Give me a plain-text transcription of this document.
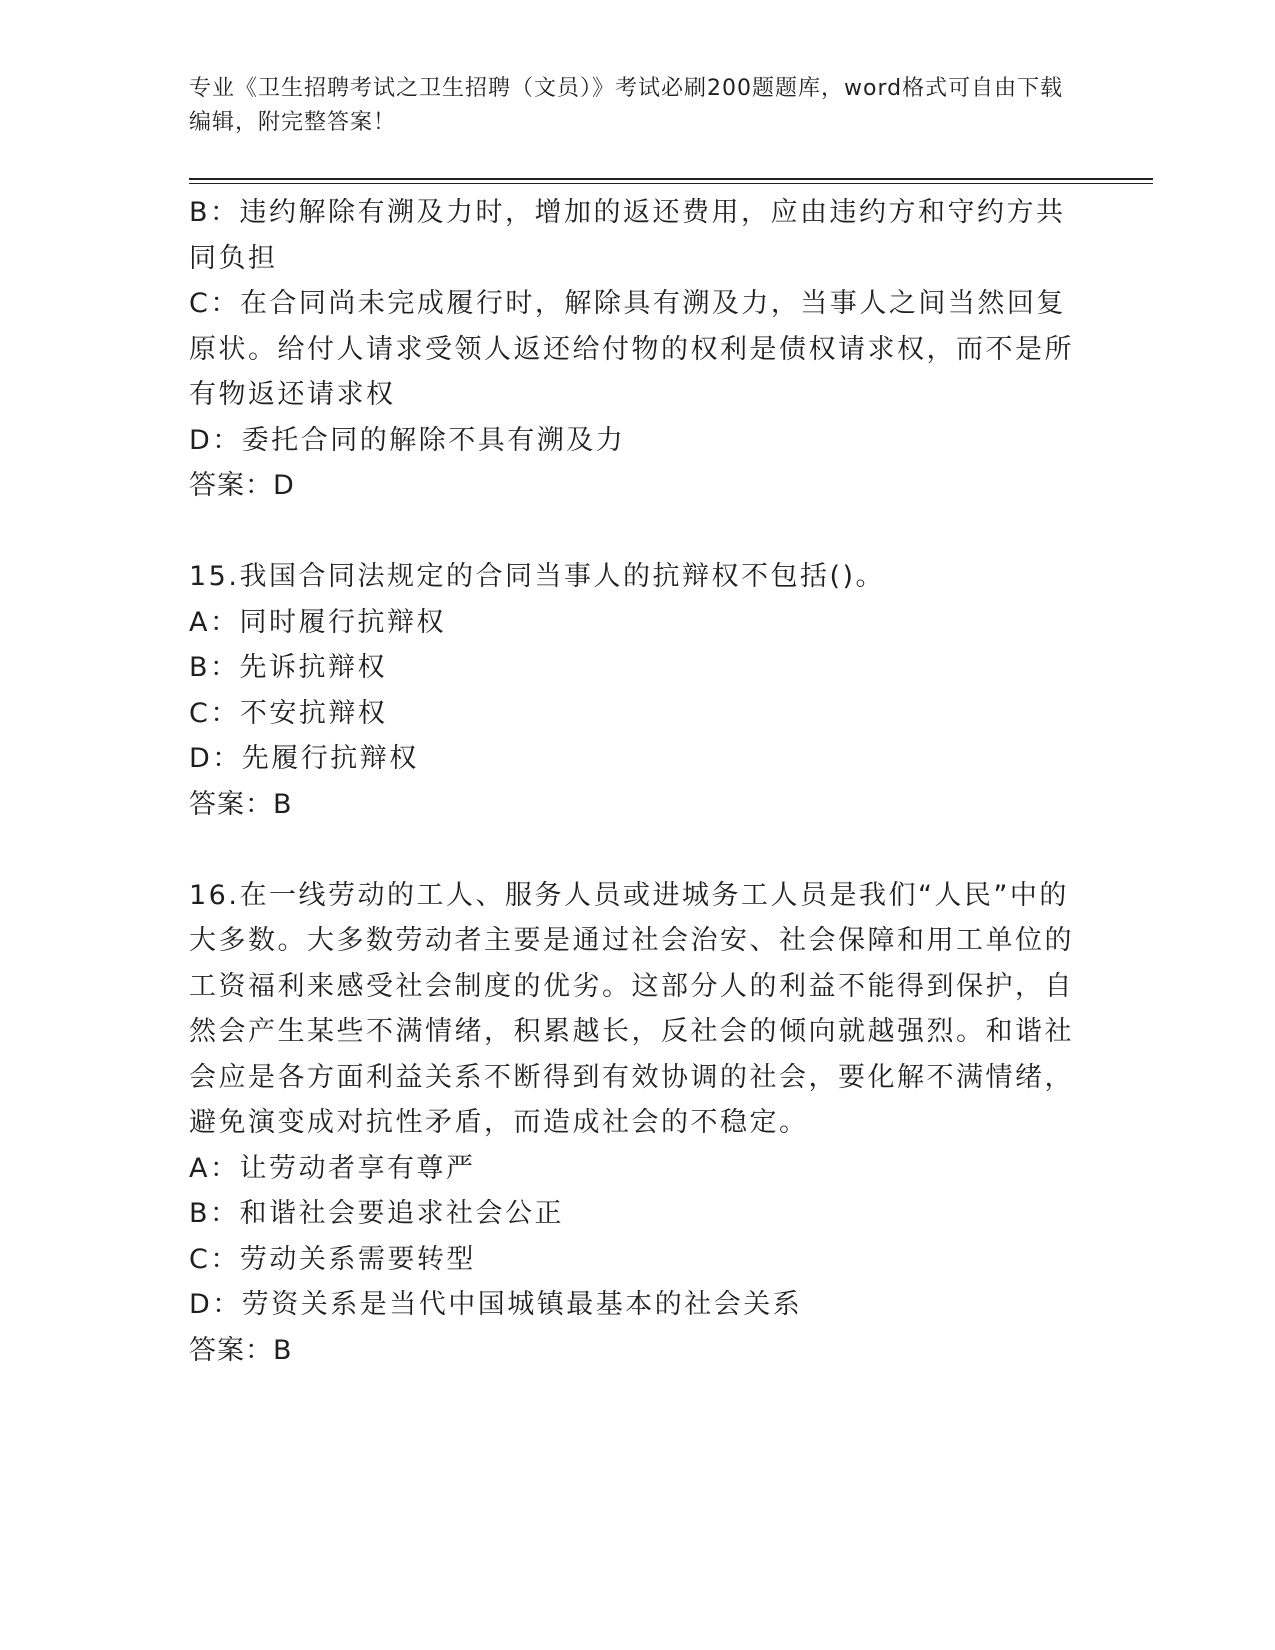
专业《卫生招聘考试之卫生招聘（文员）》考试必刷200题题库，word格式可自由下载编辑，附完整答案！

B：违约解除有溯及力时，增加的返还费用，应由违约方和守约方共同负担

C：在合同尚未完成履行时，解除具有溯及力，当事人之间当然回复原状。给付人请求受领人返还给付物的权利是债权请求权，而不是所有物返还请求权

D：委托合同的解除不具有溯及力

答案：D

15.我国合同法规定的合同当事人的抗辩权不包括()。

A：同时履行抗辩权

B：先诉抗辩权

C：不安抗辩权

D：先履行抗辩权

答案：B

16.在一线劳动的工人、服务人员或进城务工人员是我们“人民”中的大多数。大多数劳动者主要是通过社会治安、社会保障和用工单位的工资福利来感受社会制度的优劣。这部分人的利益不能得到保护，自然会产生某些不满情绪，积累越长，反社会的倾向就越强烈。和谐社会应是各方面利益关系不断得到有效协调的社会，要化解不满情绪，避免演变成对抗性矛盾，而造成社会的不稳定。

A：让劳动者享有尊严

B：和谐社会要追求社会公正

C：劳动关系需要转型

D：劳资关系是当代中国城镇最基本的社会关系

答案：B
